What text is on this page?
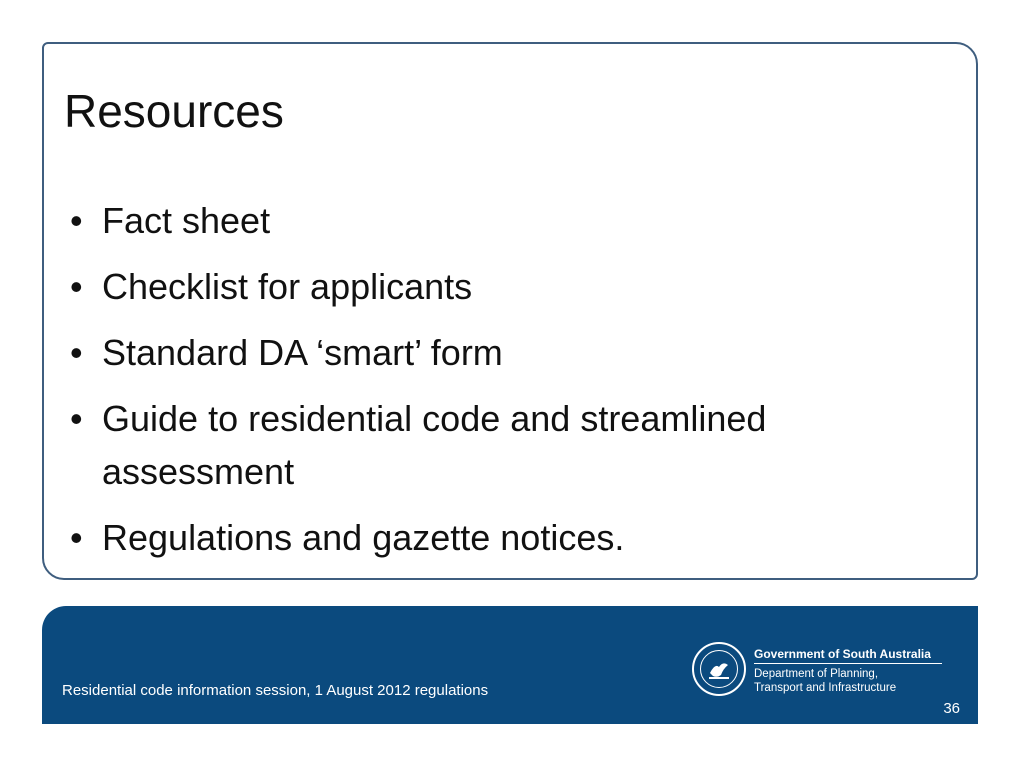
Resources
• Fact sheet
• Checklist for applicants
• Standard DA ‘smart’ form
• Guide to residential code and streamlined assessment
• Regulations and gazette notices.
Government of South Australia
Department of Planning,
Transport and Infrastructure
Residential code information session, 1 August 2012 regulations
36
